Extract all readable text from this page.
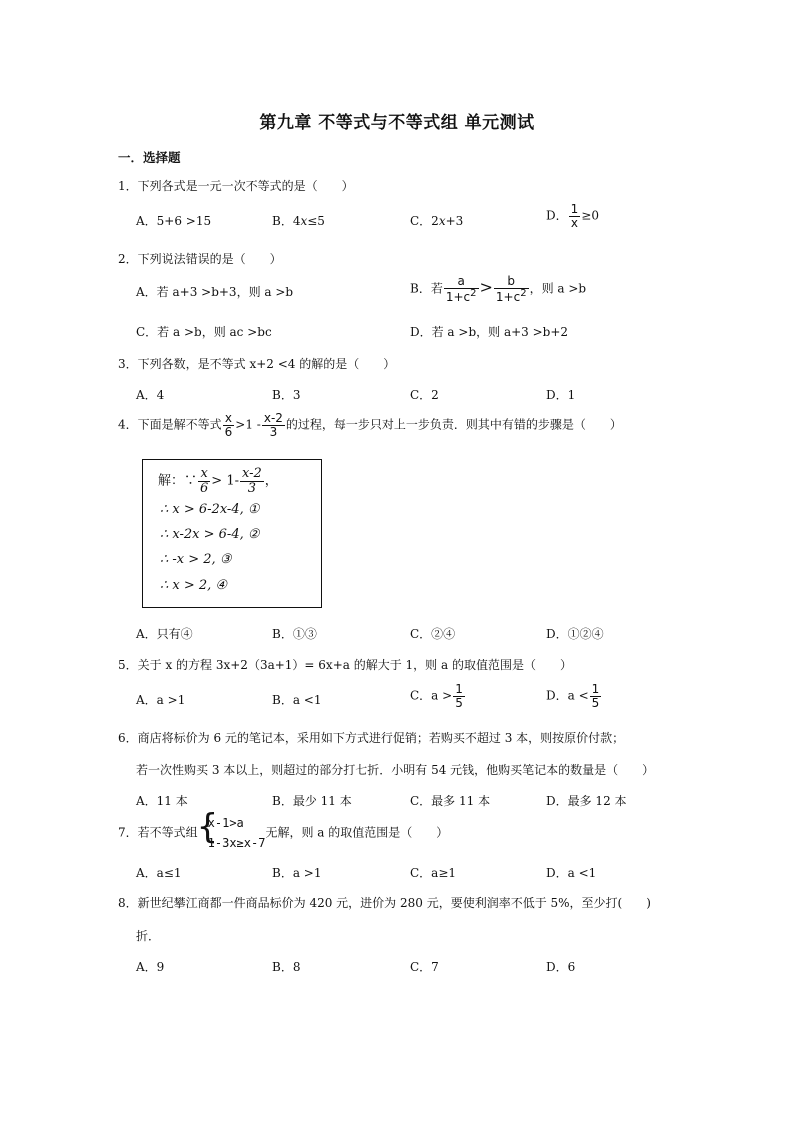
第九章 不等式与不等式组 单元测试
一．选择题
1．下列各式是一元一次不等式的是（　　）
A．5+6 >15	B．4x≤5	C．2x+3	D． $\frac{1}{x} \ge 0$
2．下列说法错误的是（　　）
A．若 a+3 >b+3，则 a >b	B．若 $\frac{a}{1+c^2} > \frac{b}{1+c^2}$ ，则 a >b
C．若 a >b，则 ac >bc	D．若 a >b，则 a+3 >b+2
3．下列各数，是不等式 x+2 <4 的解的是（　　）
A．4	B．3	C．2	D．1
4．下面是解不等式 $\frac{x}{6} >1 - \frac{x-2}{3}$ 的过程，每一步只对上一步负责．则其中有错的步骤是（　　）
解：∵ $\frac{x}{6} > 1- \frac{x-2}{3}$ ，
∴ x > 6-2x-4, ①
∴ x-2x > 6-4, ②
∴ -x > 2, ③
∴ x > 2, ④
A．只有④	B．①③	C．②④	D．①②④
5．关于 x 的方程 3x+2（3a+1）= 6x+a 的解大于 1，则 a 的取值范围是（　　）
A．a >1	B．a <1	C．$a > \frac{1}{5}$	D．$a < \frac{1}{5}$
6．商店将标价为 6 元的笔记本，采用如下方式进行促销；若购买不超过 3 本，则按原价付款；
若一次性购买 3 本以上，则超过的部分打七折．小明有 54 元钱，他购买笔记本的数量是（　　）
A．11 本	B．最少 11 本	C．最多 11 本	D．最多 12 本
7．若不等式组 {
x-1>a
1-3x≥x-7
无解，则 a 的取值范围是（　　）
A．a≤1	B．a >1	C．a≥1	D．a <1
8．新世纪攀江商都一件商品标价为 420 元，进价为 280 元，要使利润率不低于 5%，至少打(　　)
折．
A．9	B．8	C．7	D．6
